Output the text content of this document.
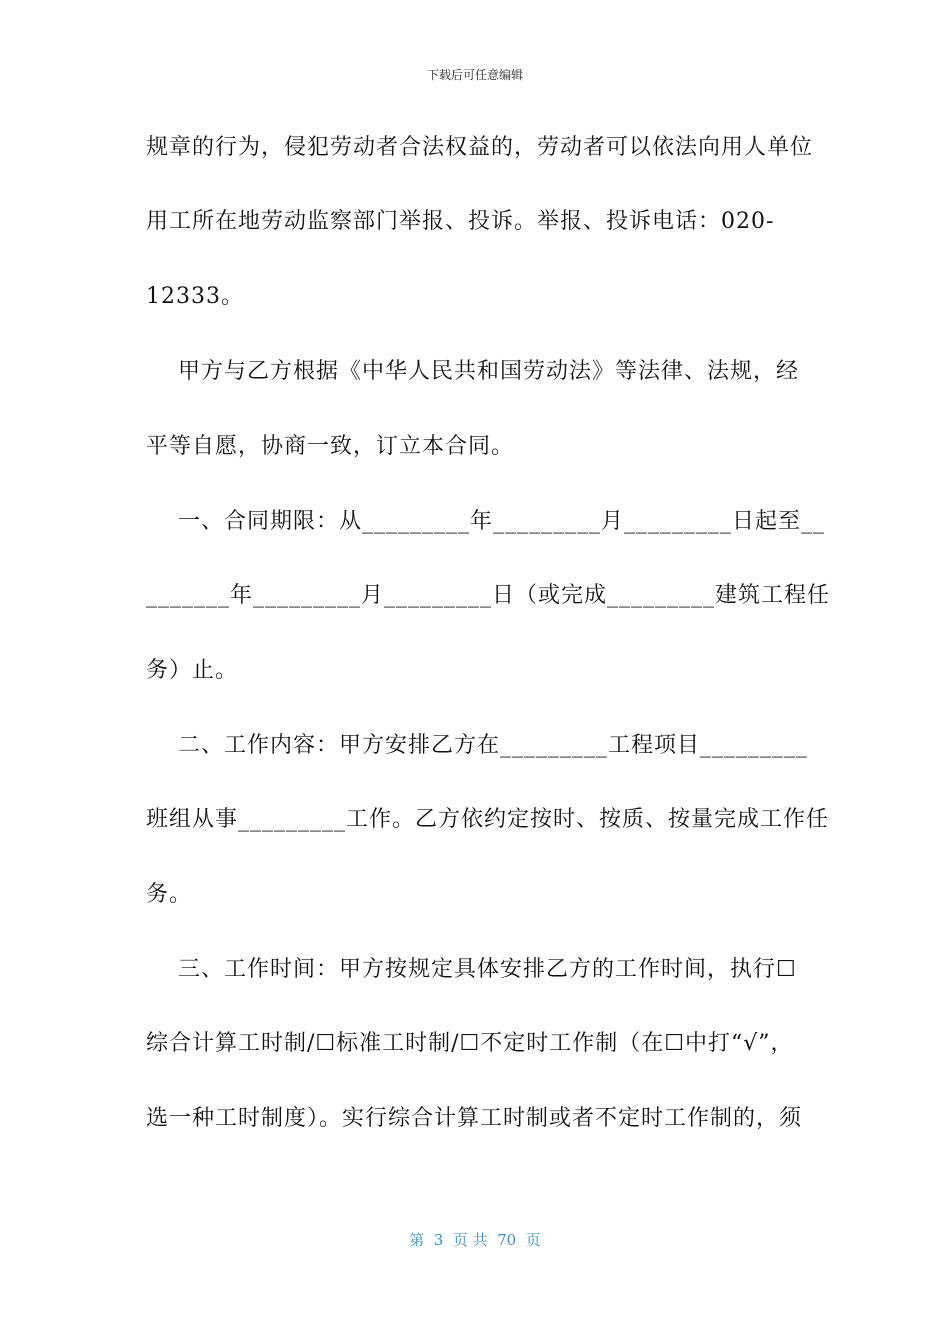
下载后可任意编辑
规章的行为，侵犯劳动者合法权益的，劳动者可以依法向用人单位
用工所在地劳动监察部门举报、投诉。举报、投诉电话：020-
12333。
甲方与乙方根据《中华人民共和国劳动法》等法律、法规，经
平等自愿，协商一致，订立本合同。
一、合同期限：从_________年_________月_________日起至__
_______年_________月_________日（或完成_________建筑工程任
务）止。
二、工作内容：甲方安排乙方在_________工程项目_________
班组从事_________工作。乙方依约定按时、按质、按量完成工作任
务。
三、工作时间：甲方按规定具体安排乙方的工作时间，执行☐
综合计算工时制/☐标准工时制/☐不定时工作制（在☐中打“√”，
选一种工时制度）。实行综合计算工时制或者不定时工作制的，须
第  3  页 共  70  页
